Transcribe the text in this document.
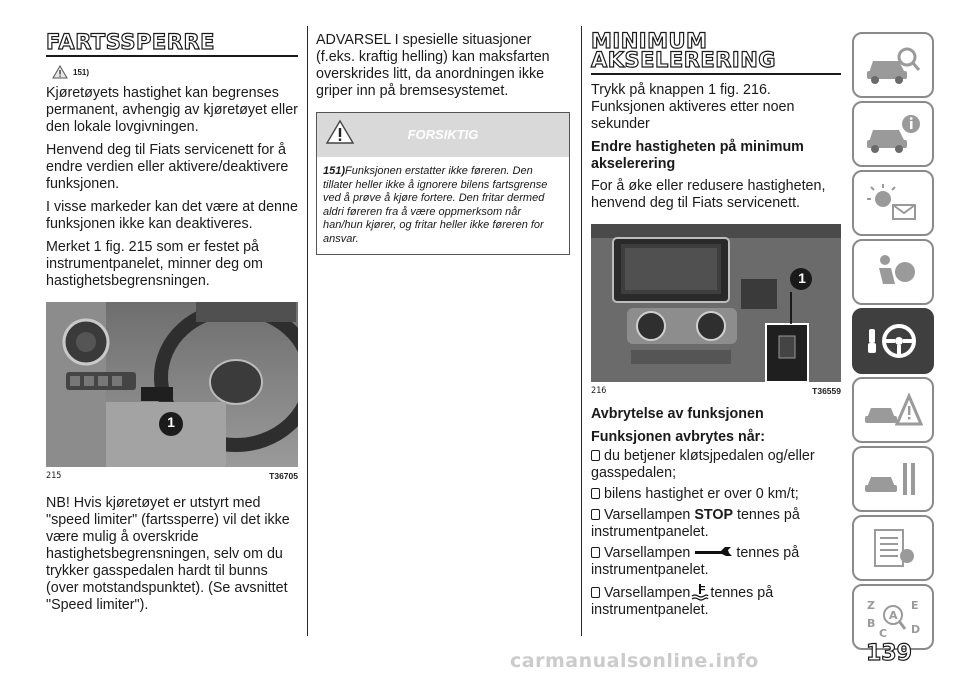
FARTSSPERRE
151)

Kjøretøyets hastighet kan begrenses permanent, avhengig av kjøretøyet eller den lokale lovgivningen.

Henvend deg til Fiats servicenett for å endre verdien eller aktivere/deaktivere funksjonen.

I visse markeder kan det være at denne funksjonen ikke kan deaktiveres.

Merket 1 fig. 215 som er festet på instrumentpanelet, minner deg om hastighetsbegrensningen.

1
215	T36705

NB! Hvis kjøretøyet er utstyrt med "speed limiter" (fartssperre) vil det ikke være mulig å overskride hastighetsbegrensningen, selv om du trykker gasspedalen hardt til bunns (over motstandspunktet). (Se avsnittet "Speed limiter").

ADVARSEL I spesielle situasjoner (f.eks. kraftig helling) kan maksfarten overskrides litt, da anordningen ikke griper inn på bremsesystemet.

FORSIKTIG
151)Funksjonen erstatter ikke føreren. Den tillater heller ikke å ignorere bilens fartsgrense ved å prøve å kjøre fortere. Den fritar dermed aldri føreren fra å være oppmerksom når han/hun kjører, og fritar heller ikke føreren for ansvar.
MINIMUM
AKSELERERING

Trykk på knappen 1 fig. 216. Funksjonen aktiveres etter noen sekunder

Endre hastigheten på minimum akselerering

For å øke eller redusere hastigheten, henvend deg til Fiats servicenett.

1
216	T36559
Avbrytelse av funksjonen
Funksjonen avbrytes når:
du betjener kløtsjpedalen og/eller gasspedalen;
bilens hastighet er over 0 km/t;
Varsellampen STOP tennes på instrumentpanelet.
Varsellampen	tennes på instrumentpanelet.
Varsellampen tennes på instrumentpanelet.	Z	E
B
C D
A
139
carmanualsonline.info
